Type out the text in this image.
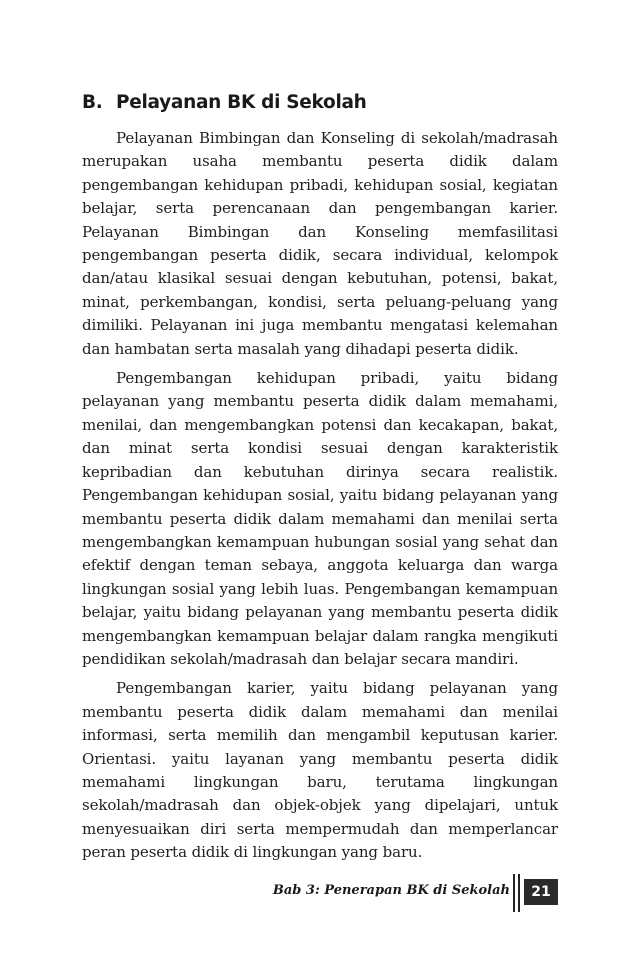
B. Pelayanan BK di Sekolah

Pelayanan Bimbingan dan Konseling di sekolah/madrasah merupakan usaha membantu peserta didik dalam pengembangan kehidupan pribadi, kehidupan sosial, kegiatan belajar, serta perencanaan dan pengembangan karier. Pelayanan Bimbingan dan Konseling memfasilitasi pengembangan peserta didik, secara individual, kelompok dan/atau klasikal sesuai dengan kebutuhan, potensi, bakat, minat, perkembangan, kondisi, serta peluang-peluang yang dimiliki. Pelayanan ini juga membantu mengatasi kelemahan dan hambatan serta masalah yang dihadapi peserta didik.

Pengembangan kehidupan pribadi, yaitu bidang pelayanan yang membantu peserta didik dalam memahami, menilai, dan mengembangkan potensi dan kecakapan, bakat, dan minat serta kondisi sesuai dengan karakteristik kepribadian dan kebutuhan dirinya secara realistik. Pengembangan kehidupan sosial, yaitu bidang pelayanan yang membantu peserta didik dalam memahami dan menilai serta mengembangkan kemampuan hubungan sosial yang sehat dan efektif dengan teman sebaya, anggota keluarga dan warga lingkungan sosial yang lebih luas. Pengembangan kemampuan belajar, yaitu bidang pelayanan yang membantu peserta didik mengembangkan kemampuan belajar dalam rangka mengikuti pendidikan sekolah/madrasah dan belajar secara mandiri.

Pengembangan karier, yaitu bidang pelayanan yang membantu peserta didik dalam memahami dan menilai informasi, serta memilih dan mengambil keputusan karier. Orientasi. yaitu layanan yang membantu peserta didik memahami lingkungan baru, terutama lingkungan sekolah/madrasah dan objek-objek yang dipelajari, untuk menyesuaikan diri serta mempermudah dan memperlancar peran peserta didik di lingkungan yang baru.

Bab 3: Penerapan BK di Sekolah	21
